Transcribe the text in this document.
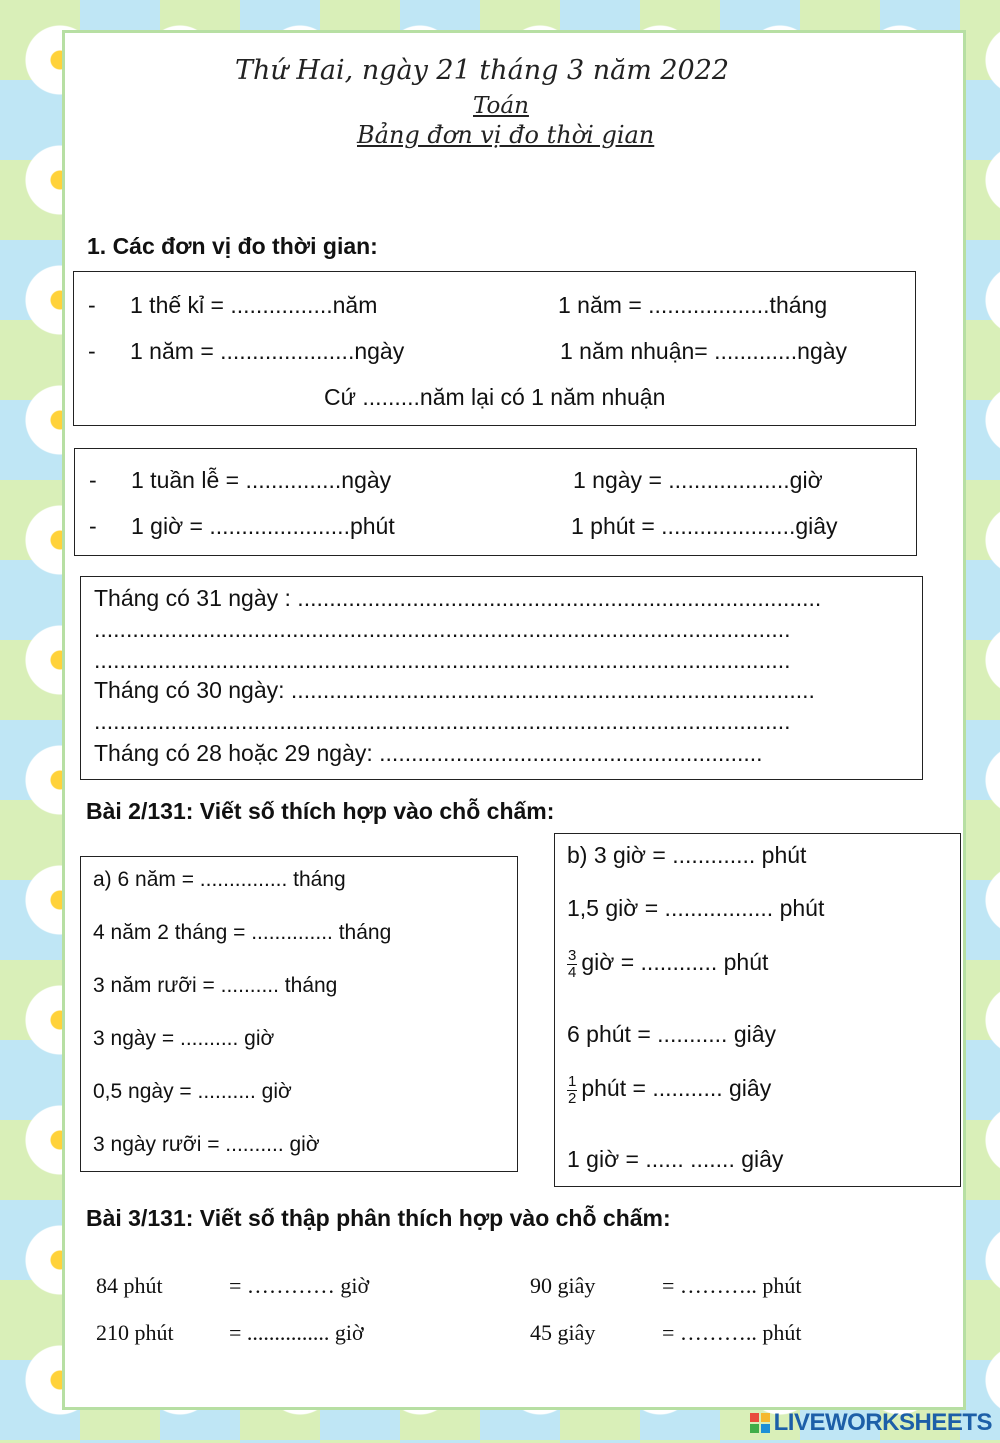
Thứ Hai, ngày 21 tháng 3 năm 2022
Toán
Bảng đơn vị đo thời gian
1. Các đơn vị đo thời gian:
- 1 thế kỉ = ................năm	1 năm = ...................tháng
- 1 năm = .....................ngày	1 năm nhuận= .............ngày
Cứ .........năm lại có 1 năm nhuận
- 1 tuần lễ = ...............ngày	1 ngày = ...................giờ
- 1 giờ = ......................phút	1 phút = .....................giây
Tháng có 31 ngày : ..................................................................................
.............................................................................................................
.............................................................................................................
Tháng có 30 ngày: ..................................................................................
.............................................................................................................
Tháng có 28 hoặc 29 ngày: ............................................................
Bài 2/131: Viết số thích hợp vào chỗ chấm:
a) 6 năm = ............... tháng
4 năm 2 tháng = .............. tháng
3 năm rưỡi = .......... tháng
3 ngày = .......... giờ
0,5 ngày = .......... giờ
3 ngày rưỡi = .......... giờ
b) 3 giờ = ............. phút
1,5 giờ = ................. phút
$\frac{3}{4}$ giờ = ............ phút
6 phút = ........... giây
$\frac{1}{2}$ phút = ........... giây
1 giờ = ...... ....... giây
Bài 3/131: Viết số thập phân thích hợp vào chỗ chấm:
84 phút	= ………… giờ	90 giây	= ……….. phút
210 phút	= ............... giờ	45 giây	= ……….. phút
LIVEWORKSHEETS
